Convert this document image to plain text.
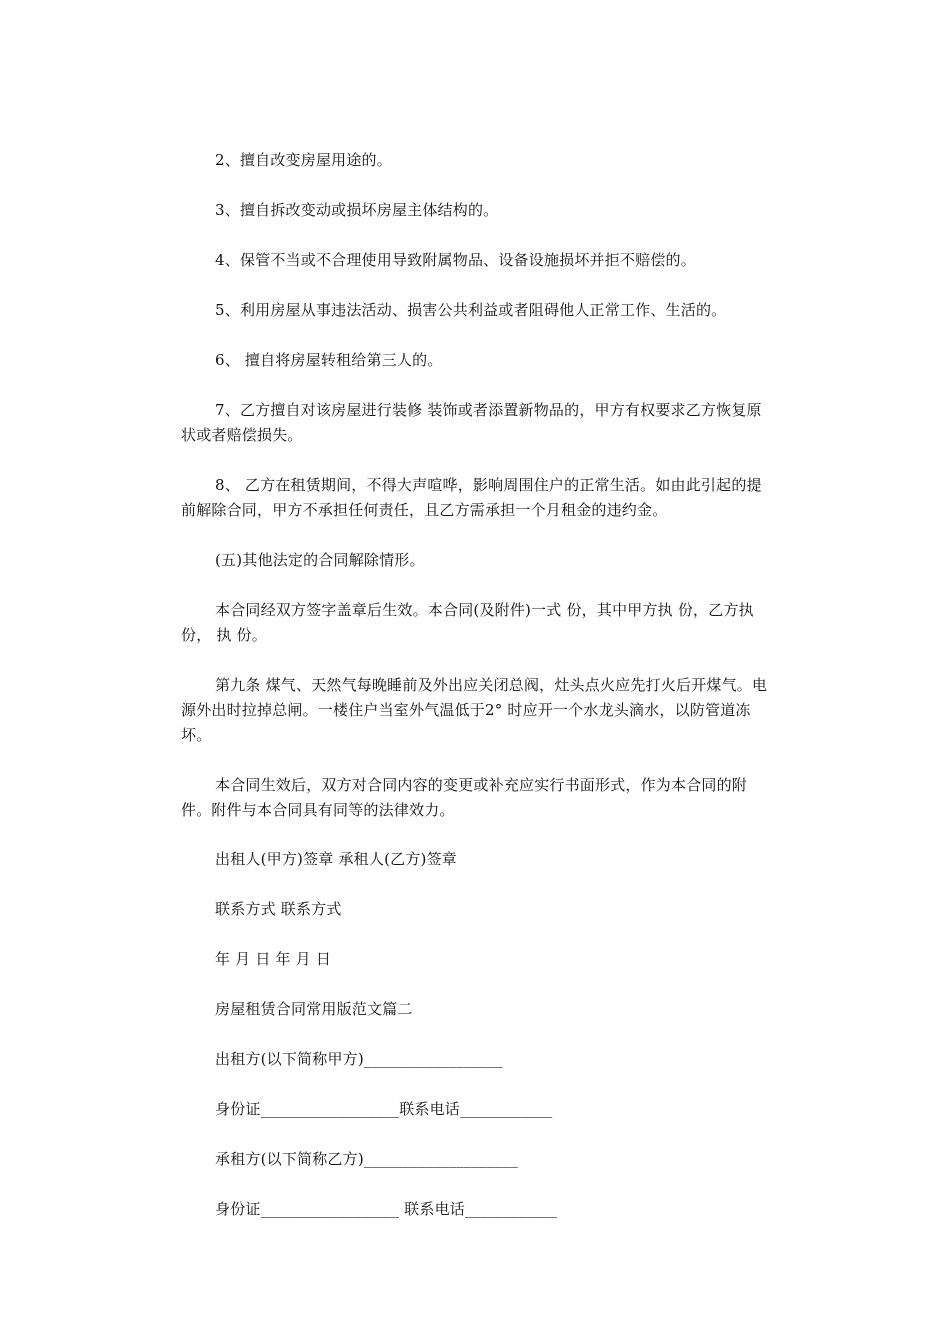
2、擅自改变房屋用途的。

3、擅自拆改变动或损坏房屋主体结构的。

4、保管不当或不合理使用导致附属物品、设备设施损坏并拒不赔偿的。

5、利用房屋从事违法活动、损害公共利益或者阻碍他人正常工作、生活的。

6、 擅自将房屋转租给第三人的。

7、乙方擅自对该房屋进行装修 装饰或者添置新物品的，甲方有权要求乙方恢复原状或者赔偿损失。

8、 乙方在租赁期间，不得大声喧哗，影响周围住户的正常生活。如由此引起的提前解除合同，甲方不承担任何责任，且乙方需承担一个月租金的违约金。

(五)其他法定的合同解除情形。

本合同经双方签字盖章后生效。本合同(及附件)一式 份，其中甲方执 份，乙方执 份， 执 份。

第九条 煤气、天然气每晚睡前及外出应关闭总阀，灶头点火应先打火后开煤气。电源外出时拉掉总闸。一楼住户当室外气温低于2° 时应开一个水龙头滴水，以防管道冻坏。

本合同生效后，双方对合同内容的变更或补充应实行书面形式，作为本合同的附件。附件与本合同具有同等的法律效力。

出租人(甲方)签章 承租人(乙方)签章

联系方式 联系方式

年 月 日 年 月 日

房屋租赁合同常用版范文篇二

出租方(以下简称甲方)__________________

身份证__________________联系电话____________

承租方(以下简称乙方)____________________

身份证__________________ 联系电话____________
